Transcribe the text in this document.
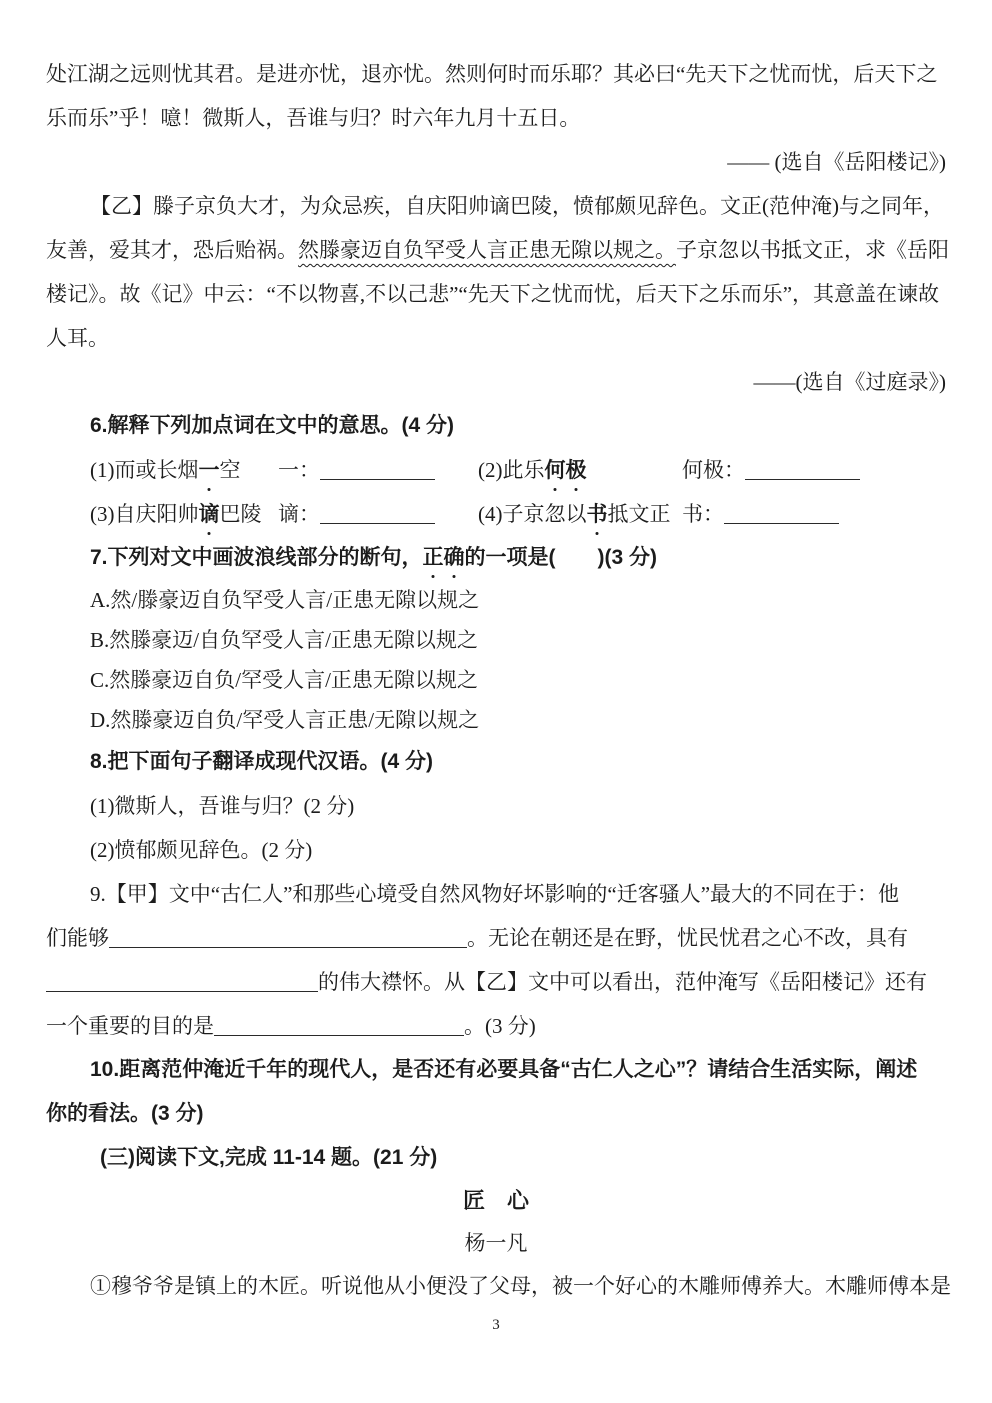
处江湖之远则忧其君。是进亦忧，退亦忧。然则何时而乐耶？其必曰“先天下之忧而忧，后天下之
乐而乐”乎！噫！微斯人，吾谁与归？时六年九月十五日。
—— (选自《岳阳楼记》)
【乙】滕子京负大才，为众忌疾，自庆阳帅谪巴陵，愤郁颇见辞色。文正(范仲淹)与之同年，
友善，爱其才，恐后贻祸。然滕豪迈自负罕受人言正患无隙以规之。子京忽以书抵文正，求《岳阳
楼记》。故《记》中云：“不以物喜,不以己悲”“先天下之忧而忧，后天下之乐而乐”，其意盖在谏故
人耳。
——(选自《过庭录》)
6.解释下列加点词在文中的意思。(4 分)
(1)而或长烟一空	一：	(2)此乐何极	何极：
(3)自庆阳帅谪巴陵 谪：	(4)子京忽以书抵文正 书：
7.下列对文中画波浪线部分的断句，正确的一项是(　　)(3 分)
A.然/滕豪迈自负罕受人言/正患无隙以规之
B.然滕豪迈/自负罕受人言/正患无隙以规之
C.然滕豪迈自负/罕受人言/正患无隙以规之
D.然滕豪迈自负/罕受人言正患/无隙以规之
8.把下面句子翻译成现代汉语。(4 分)
(1)微斯人，吾谁与归？(2 分)
(2)愤郁颇见辞色。(2 分)
9.【甲】文中“古仁人”和那些心境受自然风物好坏影响的“迁客骚人”最大的不同在于：他
们能够	。无论在朝还是在野，忧民忧君之心不改，具有
的伟大襟怀。从【乙】文中可以看出，范仲淹写《岳阳楼记》还有
一个重要的目的是	。(3 分)
10.距离范仲淹近千年的现代人，是否还有必要具备“古仁人之心”？请结合生活实际，阐述
你的看法。(3 分)
(三)阅读下文,完成 11-14 题。(21 分)
匠　心
杨一凡
①穆爷爷是镇上的木匠。听说他从小便没了父母，被一个好心的木雕师傅养大。木雕师傅本是
3
